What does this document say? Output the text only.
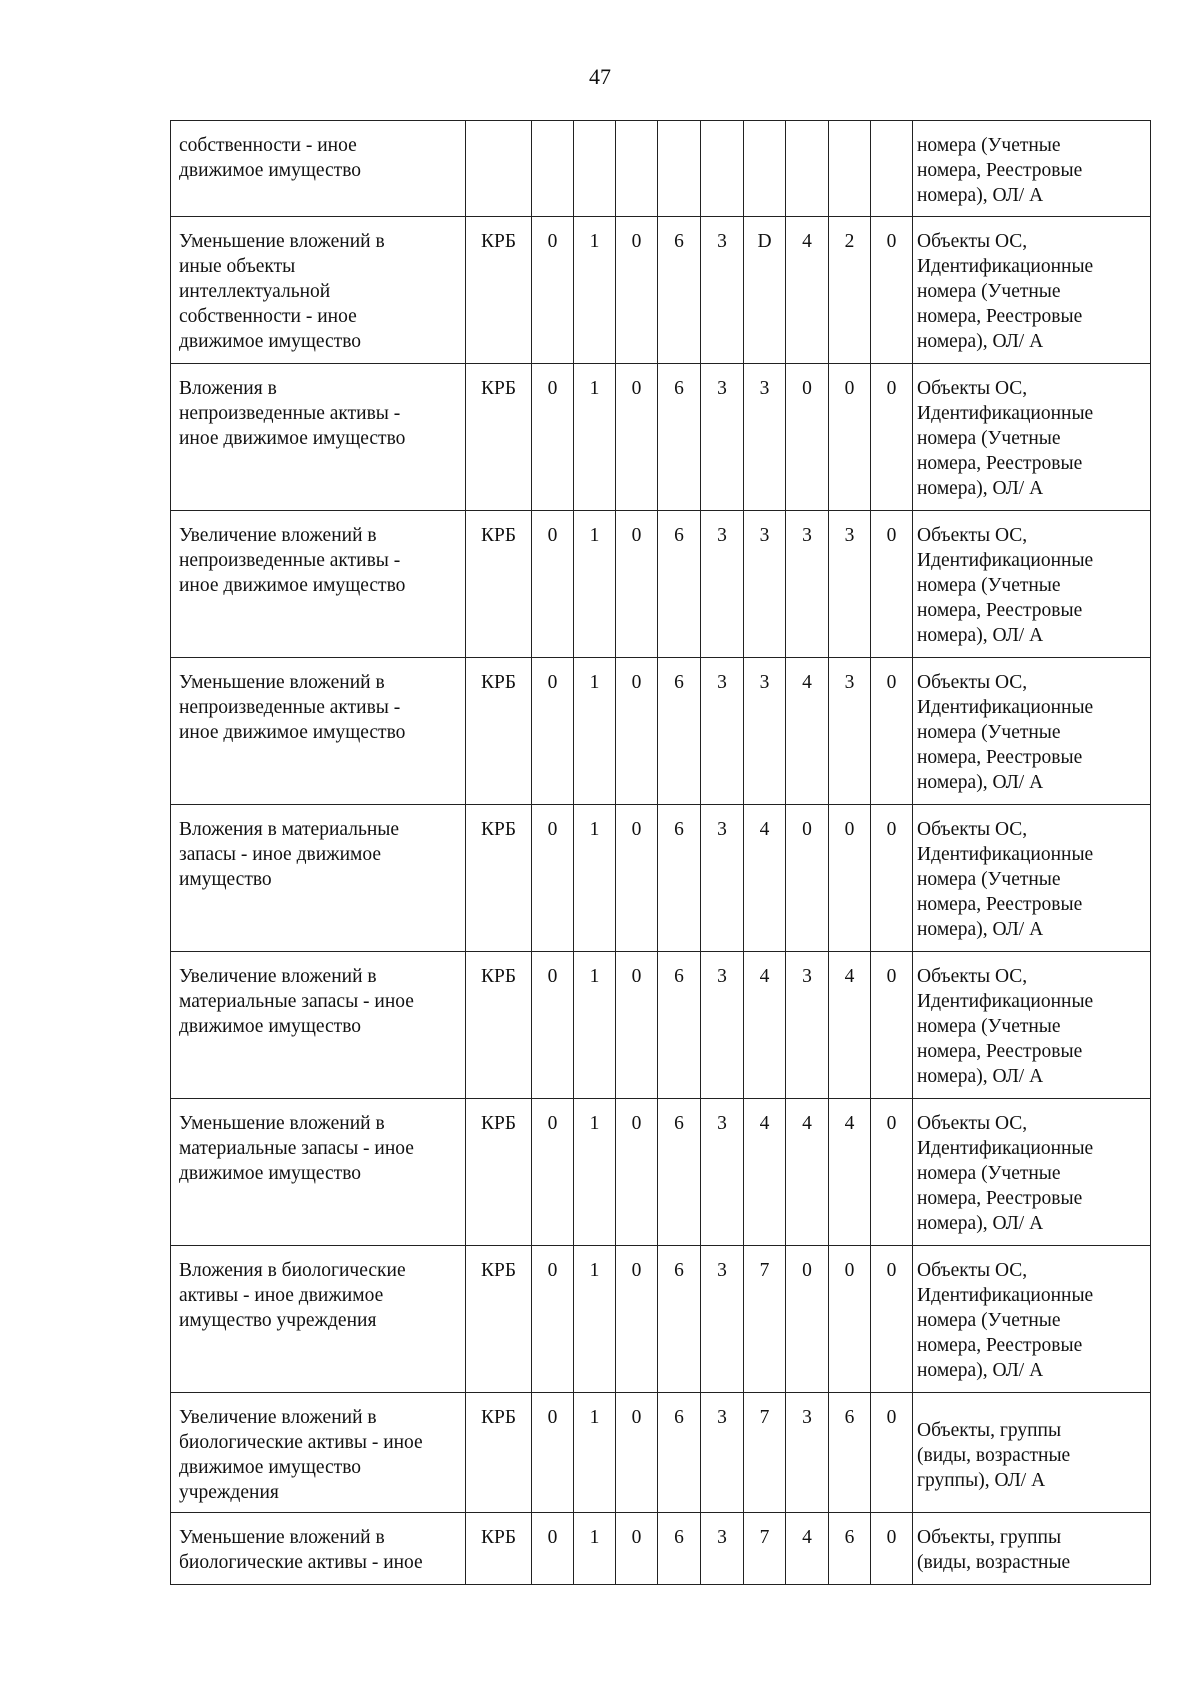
47
собственности - иное
движимое имущество											номера (Учетные
номера, Реестровые
номера), ОЛ/ А

Уменьшение вложений в
иные объекты
интеллектуальной
собственности - иное
движимое имущество	КРБ	0	1	0	6	3	D	4	2	0	Объекты ОС,
Идентификационные
номера (Учетные
номера, Реестровые
номера), ОЛ/ А

Вложения в
непроизведенные активы -
иное движимое имущество	КРБ	0	1	0	6	3	3	0	0	0	Объекты ОС,
Идентификационные
номера (Учетные
номера, Реестровые
номера), ОЛ/ А

Увеличение вложений в
непроизведенные активы -
иное движимое имущество	КРБ	0	1	0	6	3	3	3	3	0	Объекты ОС,
Идентификационные
номера (Учетные
номера, Реестровые
номера), ОЛ/ А

Уменьшение вложений в
непроизведенные активы -
иное движимое имущество	КРБ	0	1	0	6	3	3	4	3	0	Объекты ОС,
Идентификационные
номера (Учетные
номера, Реестровые
номера), ОЛ/ А

Вложения в материальные
запасы - иное движимое
имущество	КРБ	0	1	0	6	3	4	0	0	0	Объекты ОС,
Идентификационные
номера (Учетные
номера, Реестровые
номера), ОЛ/ А

Увеличение вложений в
материальные запасы - иное
движимое имущество	КРБ	0	1	0	6	3	4	3	4	0	Объекты ОС,
Идентификационные
номера (Учетные
номера, Реестровые
номера), ОЛ/ А

Уменьшение вложений в
материальные запасы - иное
движимое имущество	КРБ	0	1	0	6	3	4	4	4	0	Объекты ОС,
Идентификационные
номера (Учетные
номера, Реестровые
номера), ОЛ/ А

Вложения в биологические
активы - иное движимое
имущество учреждения	КРБ	0	1	0	6	3	7	0	0	0	Объекты ОС,
Идентификационные
номера (Учетные
номера, Реестровые
номера), ОЛ/ А

Увеличение вложений в
биологические активы - иное
движимое имущество
учреждения	КРБ	0	1	0	6	3	7	3	6	0	Объекты, группы
(виды, возрастные
группы), ОЛ/ А

Уменьшение вложений в
биологические активы - иное	КРБ	0	1	0	6	3	7	4	6	0	Объекты, группы
(виды, возрастные
